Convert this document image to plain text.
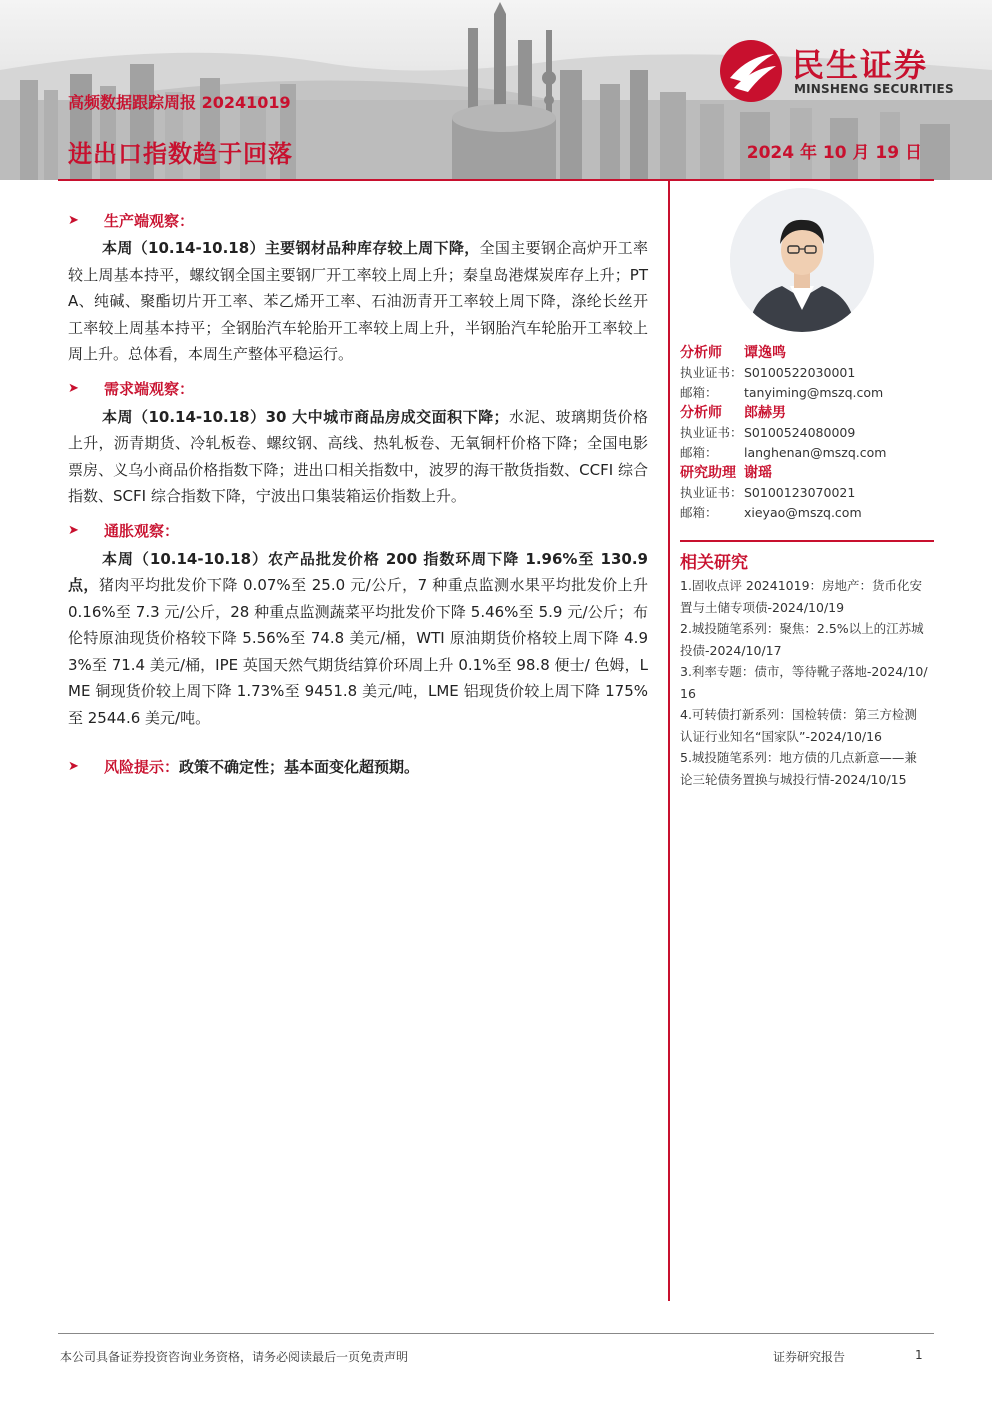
民生证券
MINSHENG SECURITIES
高频数据跟踪周报 20241019
进出口指数趋于回落	2024 年 10 月 19 日
➤	生产端观察：
本周（10.14-10.18）主要钢材品种库存较上周下降，全国主要钢企高炉开工率较上周基本持平，螺纹钢全国主要钢厂开工率较上周上升；秦皇岛港煤炭库存上升；PTA、纯碱、聚酯切片开工率、苯乙烯开工率、石油沥青开工率较上周下降，涤纶长丝开工率较上周基本持平；全钢胎汽车轮胎开工率较上周上升，半钢胎汽车轮胎开工率较上周上升。总体看，本周生产整体平稳运行。
➤	需求端观察：
本周（10.14-10.18）30 大中城市商品房成交面积下降；水泥、玻璃期货价格上升，沥青期货、冷轧板卷、螺纹钢、高线、热轧板卷、无氧铜杆价格下降；全国电影票房、义乌小商品价格指数下降；进出口相关指数中，波罗的海干散货指数、CCFI 综合指数、SCFI 综合指数下降，宁波出口集装箱运价指数上升。
➤	通胀观察：
本周（10.14-10.18）农产品批发价格 200 指数环周下降 1.96%至 130.9 点，猪肉平均批发价下降 0.07%至 25.0 元/公斤，7 种重点监测水果平均批发价上升 0.16%至 7.3 元/公斤，28 种重点监测蔬菜平均批发价下降 5.46%至 5.9 元/公斤；布伦特原油现货价格较下降 5.56%至 74.8 美元/桶，WTI 原油期货价格较上周下降 4.93%至 71.4 美元/桶，IPE 英国天然气期货结算价环周上升 0.1%至 98.8 便士/ 色姆，LME 铜现货价较上周下降 1.73%至 9451.8 美元/吨，LME 铝现货价较上周下降 175%至 2544.6 美元/吨。
➤	风险提示： 政策不确定性；基本面变化超预期。
分析师	谭逸鸣
执业证书： S0100522030001
邮箱：	tanyiming@mszq.com
分析师	郎赫男
执业证书： S0100524080009
邮箱：	langhenan@mszq.com
研究助理 谢瑶
执业证书： S0100123070021
邮箱：	xieyao@mszq.com
相关研究
1.固收点评 20241019：房地产：货币化安置与土储专项债-2024/10/19
2.城投随笔系列：聚焦：2.5%以上的江苏城投债-2024/10/17
3.利率专题：债市，等待靴子落地-2024/10/16
4.可转债打新系列：国检转债：第三方检测认证行业知名“国家队”-2024/10/16
5.城投随笔系列：地方债的几点新意——兼论三轮债务置换与城投行情-2024/10/15
本公司具备证券投资咨询业务资格，请务必阅读最后一页免责声明	证券研究报告	1
